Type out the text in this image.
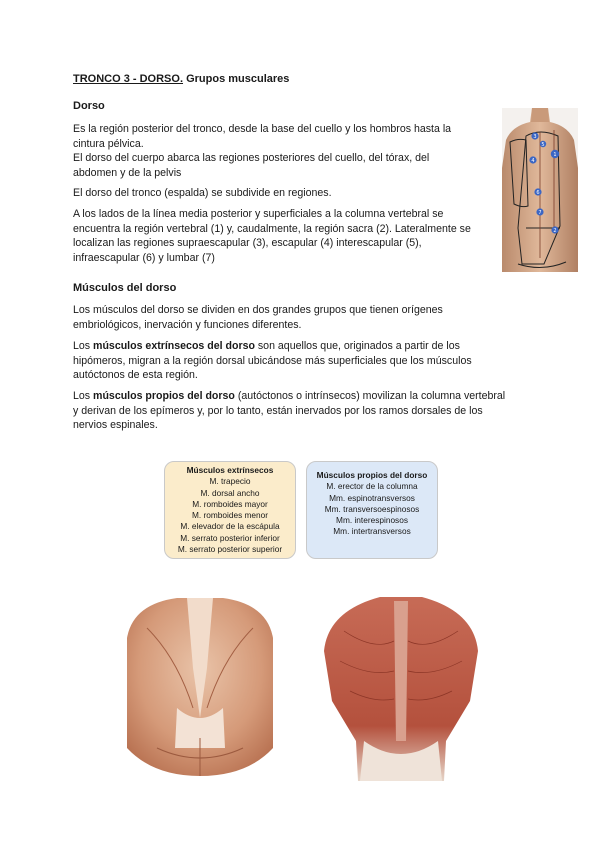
TRONCO 3 - DORSO. Grupos musculares
Dorso
Es la región posterior del tronco, desde la base del cuello y los hombros hasta la
cintura pélvica.
El dorso del cuerpo abarca las regiones posteriores del cuello, del tórax, del
abdomen y de la pelvis
El dorso del tronco (espalda) se subdivide en regiones.
A los lados de la línea media posterior y superficiales a la columna vertebral se
encuentra la región vertebral (1) y, caudalmente, la región sacra (2). Lateralmente se
localizan las regiones supraescapular (3), escapular (4) interescapular (5),
infraescapular (6) y lumbar (7)
3
5
1
4
6
7
2
Músculos del dorso
Los músculos del dorso se dividen en dos grandes grupos que tienen orígenes
embriológicos, inervación y funciones diferentes.
Los músculos extrínsecos del dorso son aquellos que, originados a partir de los
hipómeros, migran a la región dorsal ubicándose más superficiales que los músculos
autóctonos de esta región.
Los músculos propios del dorso (autóctonos o intrínsecos) movilizan la columna vertebral
y derivan de los epímeros y, por lo tanto, están inervados por los ramos dorsales de los
nervios espinales.
Músculos extrínsecos
M. trapecio
M. dorsal ancho
M. romboides mayor
M. romboides menor
M. elevador de la escápula
M. serrato posterior inferior
M. serrato posterior superior
Músculos propios del dorso
M. erector de la columna
Mm. espinotransversos
Mm. transversoespinosos
Mm. interespinosos
Mm. intertransversos
